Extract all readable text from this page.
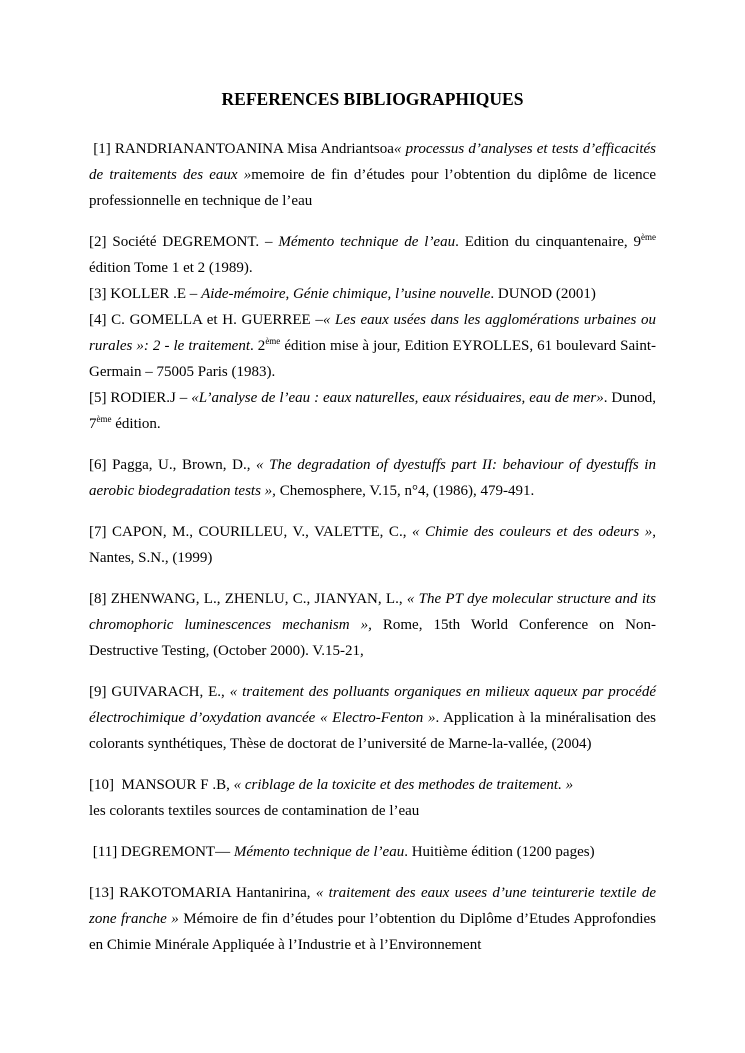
REFERENCES BIBLIOGRAPHIQUES

[1] RANDRIANANTOANINA Misa Andriantsoa« processus d’analyses et tests d’efficacités de traitements des eaux »memoire de fin d’études pour l’obtention du diplôme de licence professionnelle en technique de l’eau

[2] Société DEGREMONT. – Mémento technique de l’eau. Edition du cinquantenaire, 9ème édition Tome 1 et 2 (1989).

[3] KOLLER .E – Aide-mémoire, Génie chimique, l’usine nouvelle. DUNOD (2001)

[4] C. GOMELLA et H. GUERREE –« Les eaux usées dans les agglomérations urbaines ou rurales »: 2 - le traitement. 2ème édition mise à jour, Edition EYROLLES, 61 boulevard Saint-Germain – 75005 Paris (1983).

[5] RODIER.J – «L’analyse de l’eau : eaux naturelles, eaux résiduaires, eau de mer». Dunod, 7ème édition.

[6] Pagga, U., Brown, D., « The degradation of dyestuffs part II: behaviour of dyestuffs in aerobic biodegradation tests », Chemosphere, V.15, n°4, (1986), 479-491.

[7] CAPON, M., COURILLEU, V., VALETTE, C., « Chimie des couleurs et des odeurs », Nantes, S.N., (1999)

[8] ZHENWANG, L., ZHENLU, C., JIANYAN, L., « The PT dye molecular structure and its chromophoric luminescences mechanism », Rome, 15th World Conference on Non-Destructive Testing, (October 2000). V.15-21,

[9] GUIVARACH, E., « traitement des polluants organiques en milieux aqueux par procédé électrochimique d’oxydation avancée « Electro-Fenton ». Application à la minéralisation des colorants synthétiques, Thèse de doctorat de l’université de Marne-la-vallée, (2004)

[10]  MANSOUR F .B, « criblage de la toxicite et des methodes de traitement. »
les colorants textiles sources de contamination de l’eau

[11] DEGREMONT— Mémento technique de l’eau. Huitième édition (1200 pages)

[13] RAKOTOMARIA Hantanirina, « traitement des eaux usees d’une teinturerie textile de zone franche » Mémoire de fin d’études pour l’obtention du Diplôme d’Etudes Approfondies en Chimie Minérale Appliquée à l’Industrie et à l’Environnement
